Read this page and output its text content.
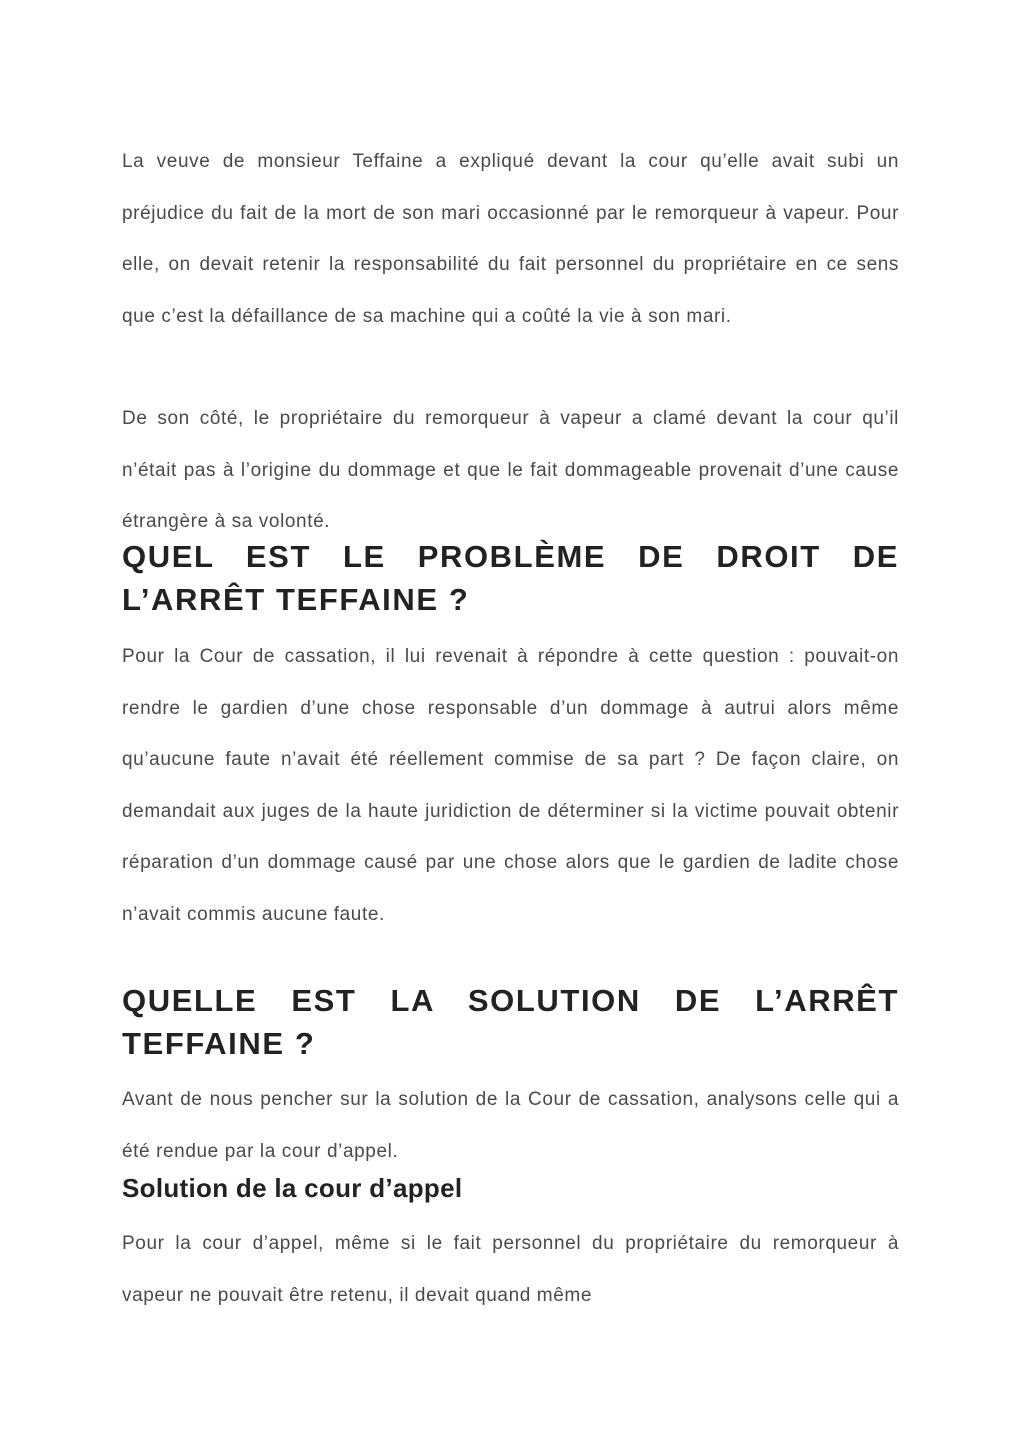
La veuve de monsieur Teffaine a expliqué devant la cour qu’elle avait subi un préjudice du fait de la mort de son mari occasionné par le remorqueur à vapeur. Pour elle, on devait retenir la responsabilité du fait personnel du propriétaire en ce sens que c’est la défaillance de sa machine qui a coûté la vie à son mari.

De son côté, le propriétaire du remorqueur à vapeur a clamé devant la cour qu’il n’était pas à l’origine du dommage et que le fait dommageable provenait d’une cause étrangère à sa volonté.

QUEL EST LE PROBLÈME DE DROIT DE L’ARRÊT TEFFAINE ?

Pour la Cour de cassation, il lui revenait à répondre à cette question : pouvait-on rendre le gardien d’une chose responsable d’un dommage à autrui alors même qu’aucune faute n’avait été réellement commise de sa part ? De façon claire, on demandait aux juges de la haute juridiction de déterminer si la victime pouvait obtenir réparation d’un dommage causé par une chose alors que le gardien de ladite chose n’avait commis aucune faute.

QUELLE EST LA SOLUTION DE L’ARRÊT TEFFAINE ?

Avant de nous pencher sur la solution de la Cour de cassation, analysons celle qui a été rendue par la cour d’appel.

Solution de la cour d’appel

Pour la cour d’appel, même si le fait personnel du propriétaire du remorqueur à vapeur ne pouvait être retenu, il devait quand même
